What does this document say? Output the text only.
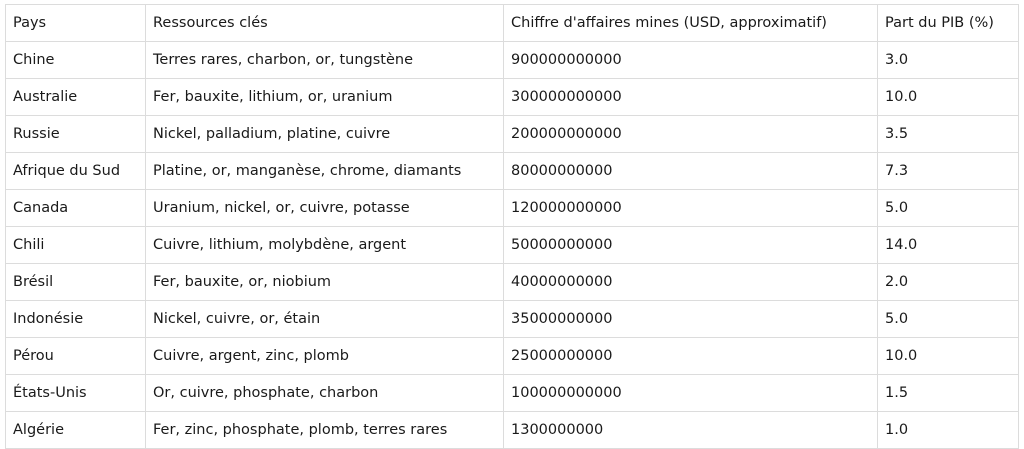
Pays	Ressources clés	Chiffre d'affaires mines (USD, approximatif)	Part du PIB (%)
Chine	Terres rares, charbon, or, tungstène	900000000000	3.0
Australie	Fer, bauxite, lithium, or, uranium	300000000000	10.0
Russie	Nickel, palladium, platine, cuivre	200000000000	3.5
Afrique du Sud	Platine, or, manganèse, chrome, diamants	80000000000	7.3
Canada	Uranium, nickel, or, cuivre, potasse	120000000000	5.0
Chili	Cuivre, lithium, molybdène, argent	50000000000	14.0
Brésil	Fer, bauxite, or, niobium	40000000000	2.0
Indonésie	Nickel, cuivre, or, étain	35000000000	5.0
Pérou	Cuivre, argent, zinc, plomb	25000000000	10.0
États-Unis	Or, cuivre, phosphate, charbon	100000000000	1.5
Algérie	Fer, zinc, phosphate, plomb, terres rares	1300000000	1.0
